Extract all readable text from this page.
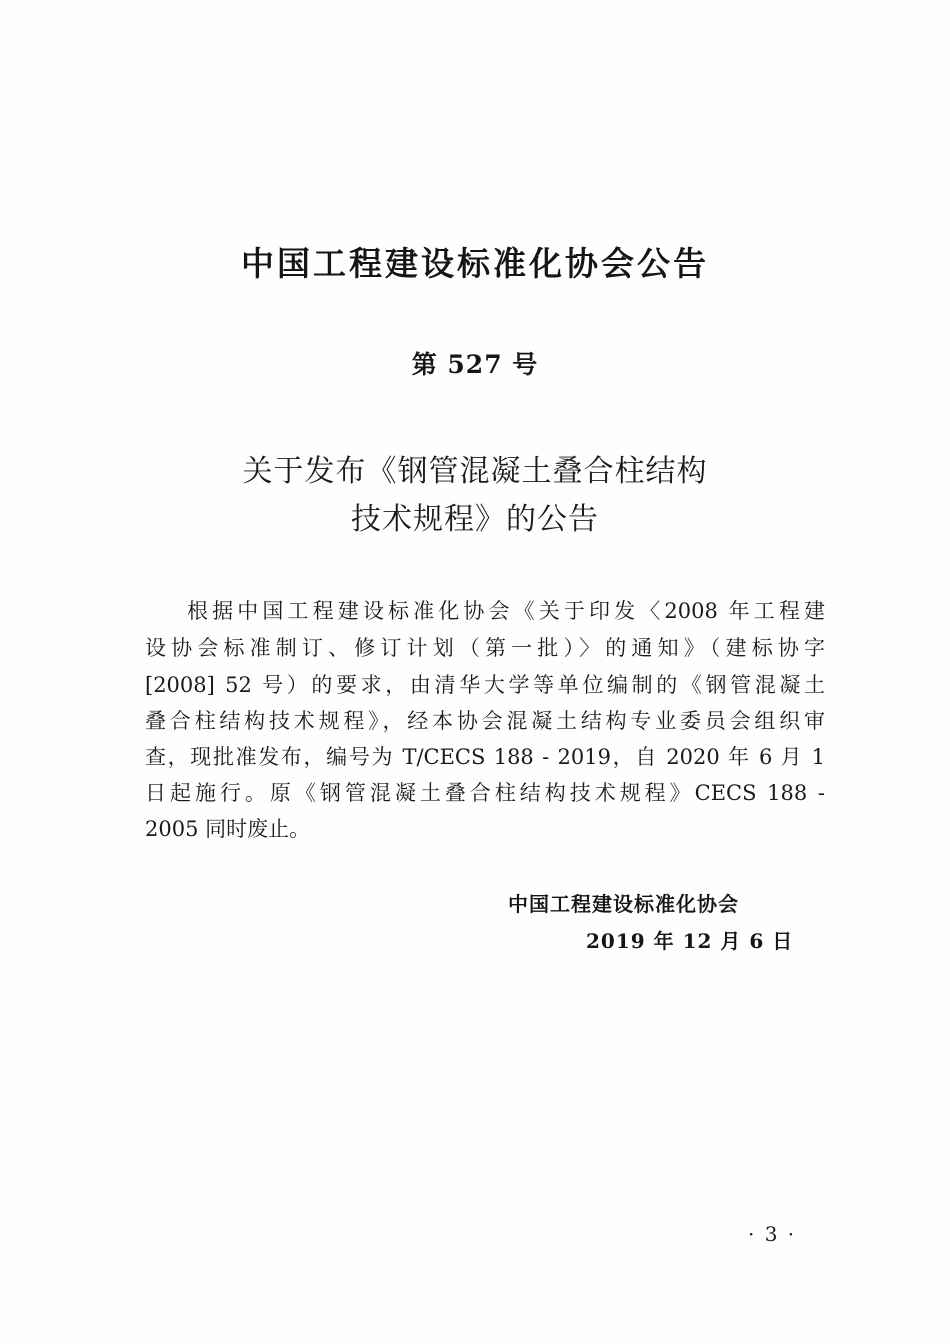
中国工程建设标准化协会公告
第 527 号
关于发布《钢管混凝土叠合柱结构
技术规程》的公告
根据中国工程建设标准化协会《关于印发〈2008 年工程建
设协会标准制订、修订计划（第一批）〉的通知》（建标协字
[2008] 52 号）的要求，由清华大学等单位编制的《钢管混凝土
叠合柱结构技术规程》，经本协会混凝土结构专业委员会组织审
查，现批准发布，编号为 T/CECS 188 - 2019，自 2020 年 6 月 1
日起施行。原《钢管混凝土叠合柱结构技术规程》CECS 188 -
2005 同时废止。
中国工程建设标准化协会
2019 年 12 月 6 日
· 3 ·
